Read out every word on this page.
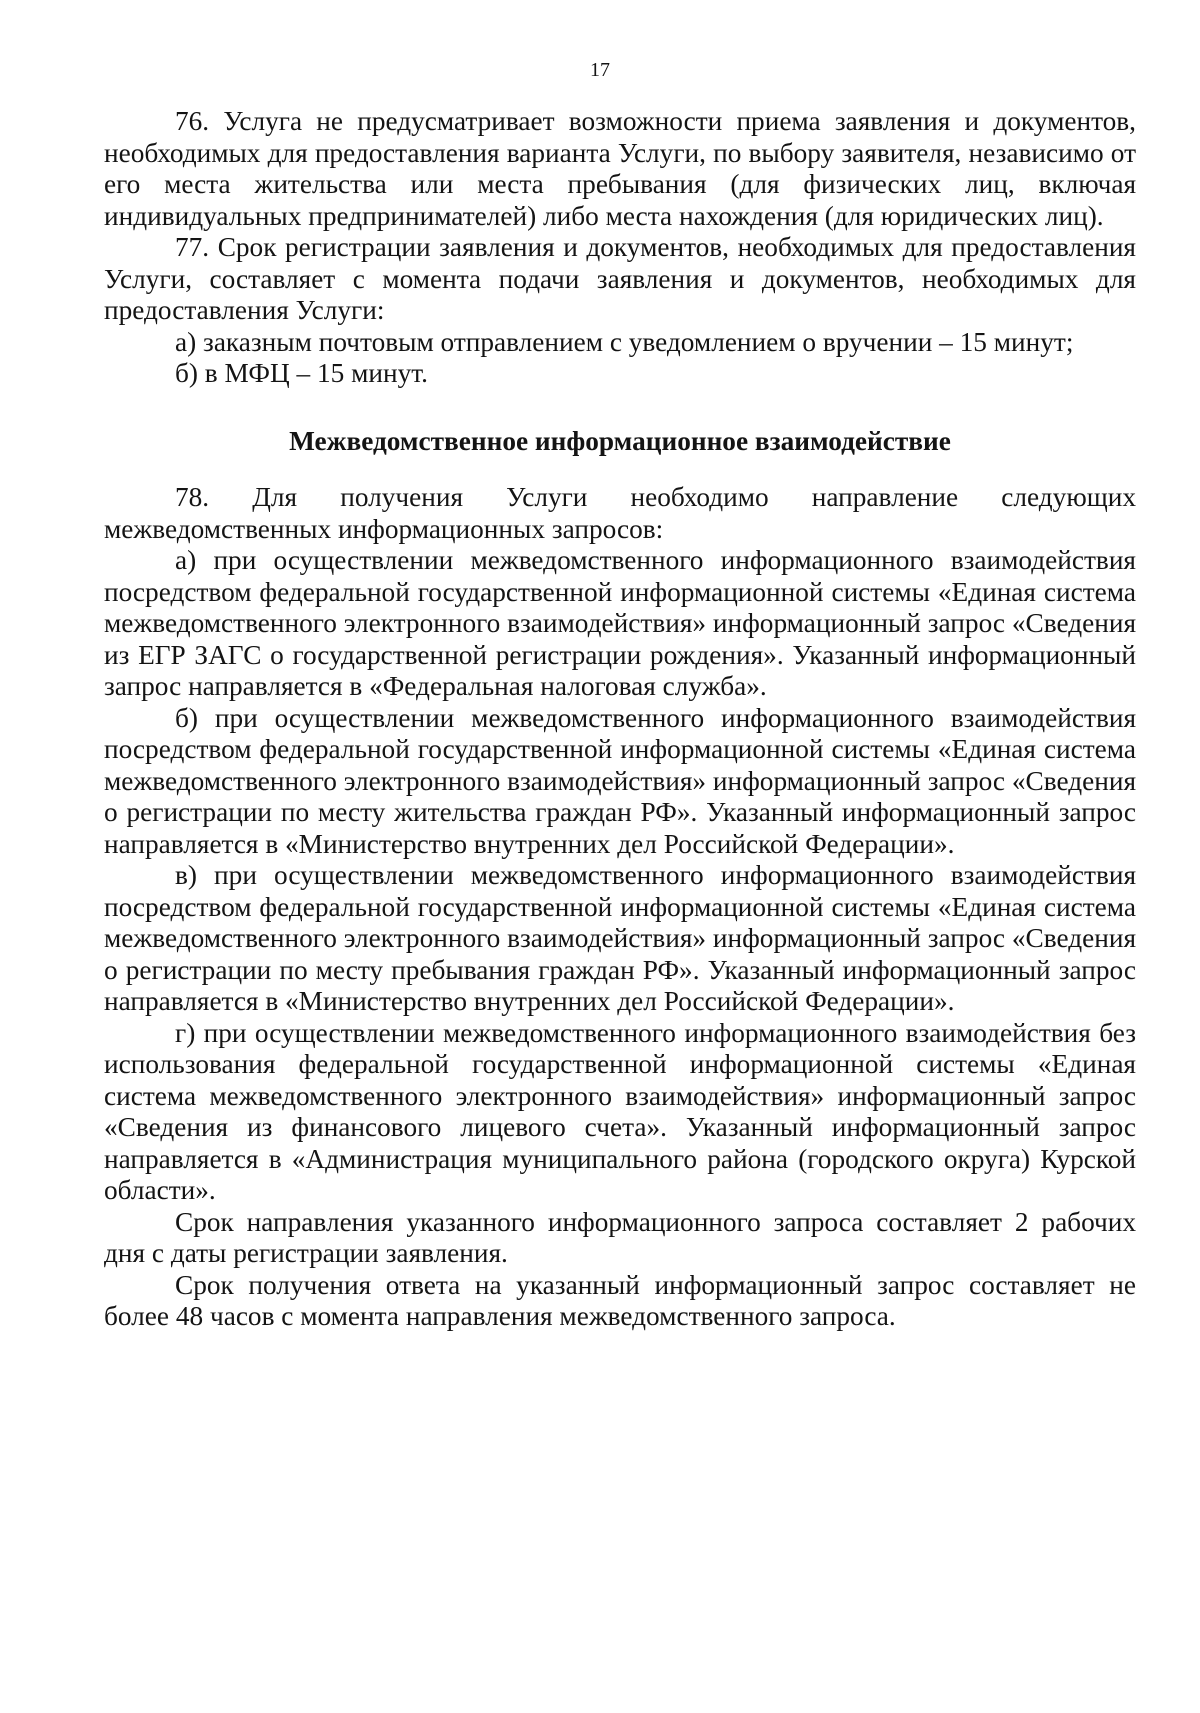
17

76. Услуга не предусматривает возможности приема заявления и документов, необходимых для предоставления варианта Услуги, по выбору заявителя, независимо от его места жительства или места пребывания (для физических лиц, включая индивидуальных предпринимателей) либо места нахождения (для юридических лиц).

77. Срок регистрации заявления и документов, необходимых для предоставления Услуги, составляет с момента подачи заявления и документов, необходимых для предоставления Услуги:

а) заказным почтовым отправлением с уведомлением о вручении – 15 минут;

б) в МФЦ – 15 минут.

Межведомственное информационное взаимодействие

78. Для получения Услуги необходимо направление следующих межведомственных информационных запросов:

а) при осуществлении межведомственного информационного взаимодействия посредством федеральной государственной информационной системы «Единая система межведомственного электронного взаимодействия» информационный запрос «Сведения из ЕГР ЗАГС о государственной регистрации рождения». Указанный информационный запрос направляется в «Федеральная налоговая служба».

б) при осуществлении межведомственного информационного взаимодействия посредством федеральной государственной информационной системы «Единая система межведомственного электронного взаимодействия» информационный запрос «Сведения о регистрации по месту жительства граждан РФ». Указанный информационный запрос направляется в «Министерство внутренних дел Российской Федерации».

в) при осуществлении межведомственного информационного взаимодействия посредством федеральной государственной информационной системы «Единая система межведомственного электронного взаимодействия» информационный запрос «Сведения о регистрации по месту пребывания граждан РФ». Указанный информационный запрос направляется в «Министерство внутренних дел Российской Федерации».

г) при осуществлении межведомственного информационного взаимодействия без использования федеральной государственной информационной системы «Единая система межведомственного электронного взаимодействия» информационный запрос «Сведения из финансового лицевого счета». Указанный информационный запрос направляется в «Администрация муниципального района (городского округа) Курской области».

Срок направления указанного информационного запроса составляет 2 рабочих дня с даты регистрации заявления.

Срок получения ответа на указанный информационный запрос составляет не более 48 часов с момента направления межведомственного запроса.
